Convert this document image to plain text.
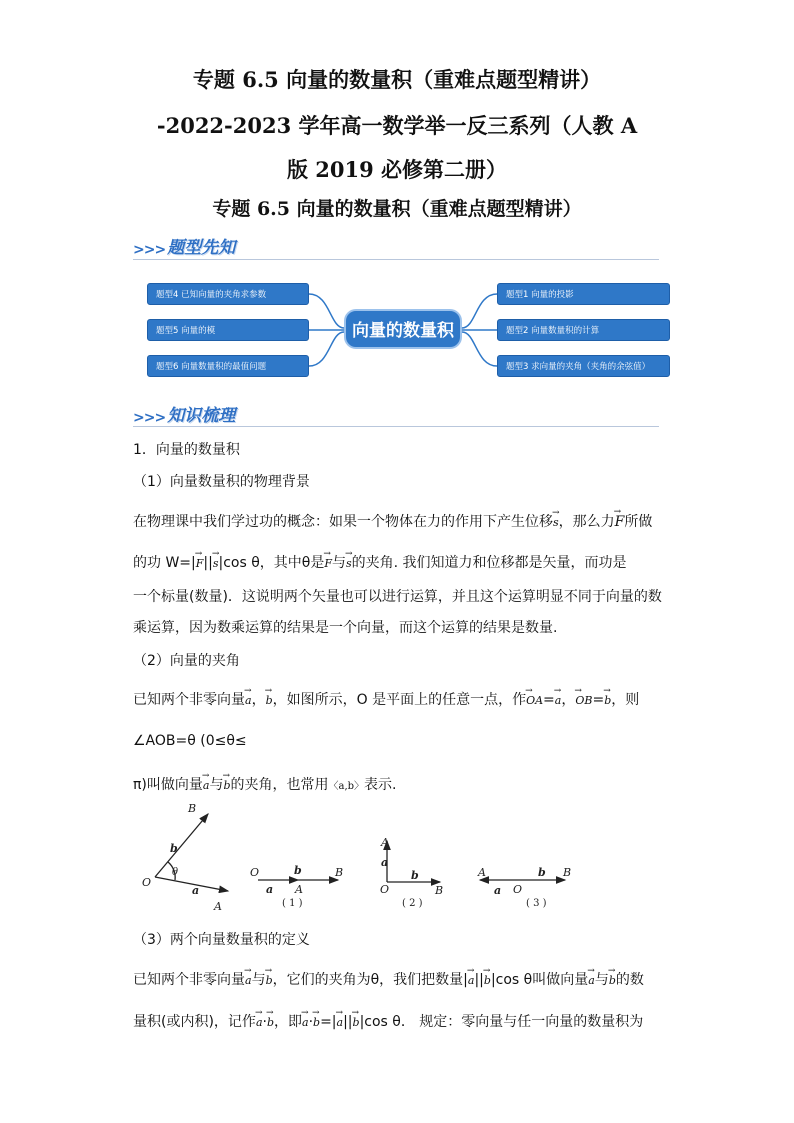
专题 6.5 向量的数量积（重难点题型精讲）
-2022-2023 学年高一数学举一反三系列（人教 A
版 2019 必修第二册）
专题 6.5 向量的数量积（重难点题型精讲）
>>> 题型先知
题型4 已知向量的夹角求参数
题型5 向量的模
题型6 向量数量积的最值问题
向量的数量积
题型1 向量的投影
题型2 向量数量积的计算
题型3 求向量的夹角（夹角的余弦值）
>>> 知识梳理
1．向量的数量积
（1）向量数量积的物理背景
在物理课中我们学过功的概念：如果一个物体在力的作用下产生位移→ s，那么力→ F所做
的功 W=|→ F||→ s|cos θ，其中θ是→ F与→ s的夹角. 我们知道力和位移都是矢量，而功是
一个标量(数量)．这说明两个矢量也可以进行运算，并且这个运算明显不同于向量的数
乘运算，因为数乘运算的结果是一个向量，而这个运算的结果是数量.
（2）向量的夹角
已知两个非零向量→ a，→ b，如图所示，O 是平面上的任意一点，作→ OA=→ a，→ OB=→ b，则
∠AOB=θ (0≤θ≤
π)叫做向量→ a与→ b的夹角，也常用〈a,b〉表示.
B
b
O
θ
a
A
O	b	B
a A
A
a
O
b
B
A
a O
b B
( 1 )	( 2 )	( 3 )
（3）两个向量数量积的定义
已知两个非零向量→ a与→ b，它们的夹角为θ，我们把数量|→ a||→ b|cos θ叫做向量→ a与→ b的数
量积(或内积)，记作→ a·→ b，即→ a·→ b=|→ a||→ b|cos θ． 规定：零向量与任一向量的数量积为
